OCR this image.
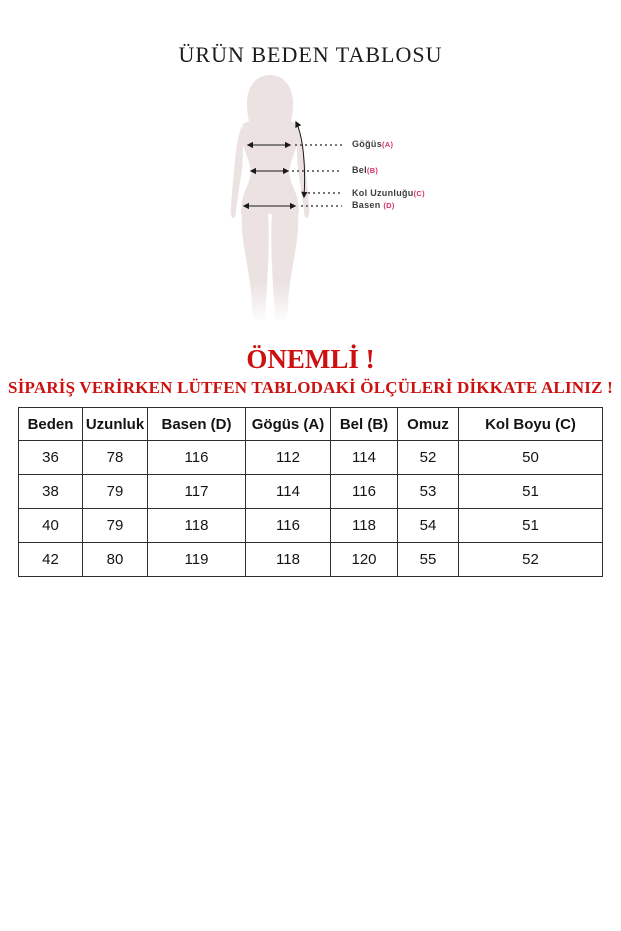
ÜRÜN BEDEN TABLOSU
Göğüs(A)
Bel(B)
Kol Uzunluğu(C)
Basen (D)
ÖNEMLİ !
SİPARİŞ VERİRKEN LÜTFEN TABLODAKİ ÖLÇÜLERİ DİKKATE ALINIZ !
Beden	Uzunluk	Basen (D)	Gögüs (A)	Bel (B)	Omuz	Kol Boyu (C)
36	78	116	112	114	52	50
38	79	117	114	116	53	51
40	79	118	116	118	54	51
42	80	119	118	120	55	52
